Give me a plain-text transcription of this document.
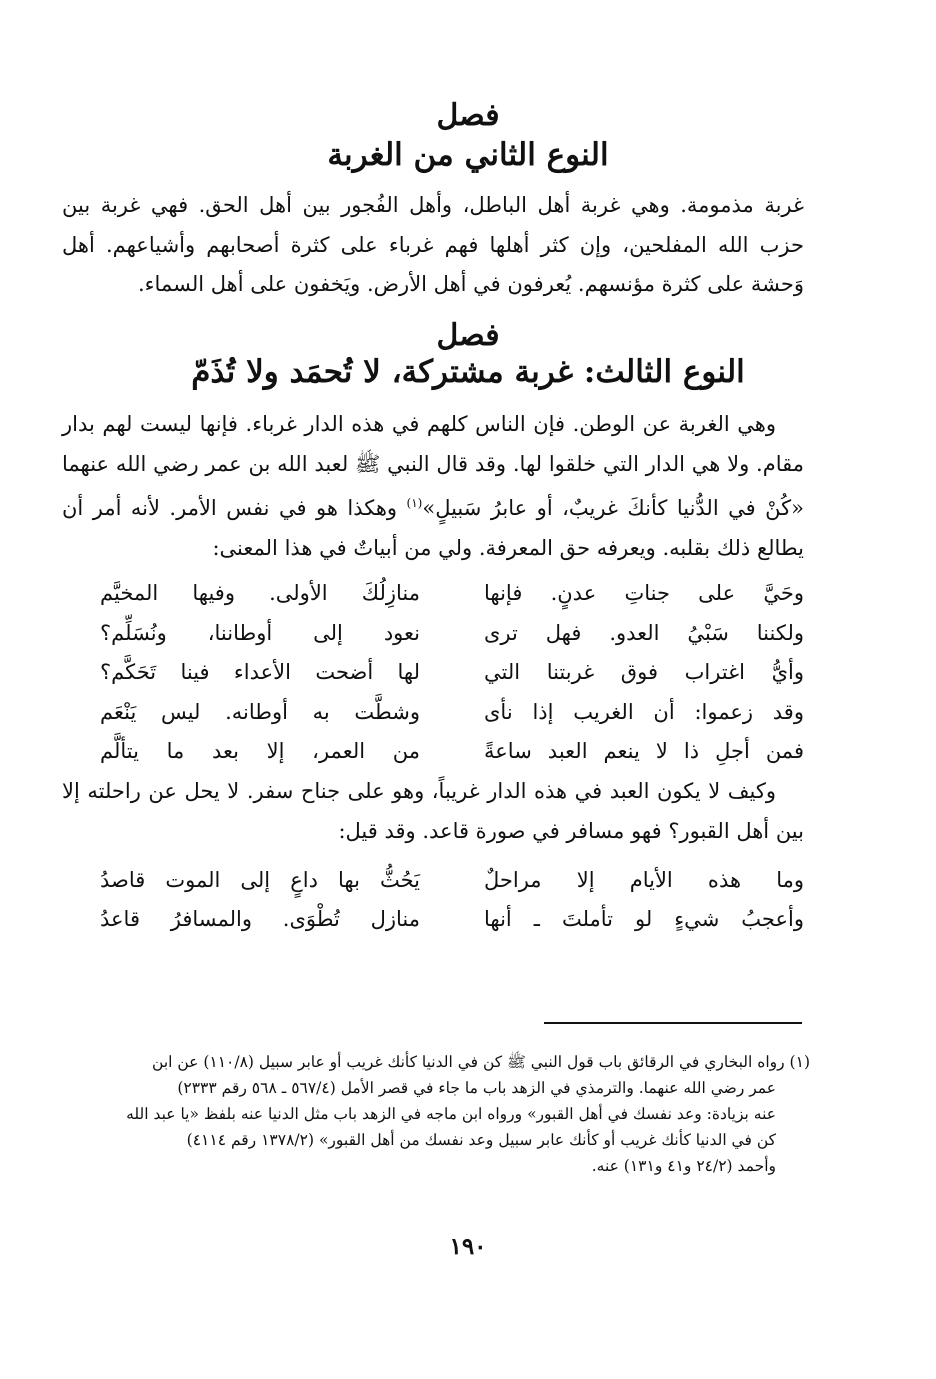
فصل
النوع الثاني من الغربة

غربة مذمومة. وهي غربة أهل الباطل، وأهل الفُجور بين أهل الحق. فهي غربة بين حزب الله المفلحين، وإن كثر أهلها فهم غرباء على كثرة أصحابهم وأشياعهم. أهل وَحشة على كثرة مؤنسهم. يُعرفون في أهل الأرض. ويَخفون على أهل السماء.

فصل
النوع الثالث: غربة مشتركة، لا تُحمَد ولا تُذَمّ

وهي الغربة عن الوطن. فإن الناس كلهم في هذه الدار غرباء. فإنها ليست لهم بدار مقام. ولا هي الدار التي خلقوا لها. وقد قال النبي ﷺ لعبد الله بن عمر رضي الله عنهما «كُنْ في الدُّنيا كأنكَ غريبٌ، أو عابرُ سَبيلٍ»$^{(١)}$ وهكذا هو في نفس الأمر. لأنه أمر أن يطالع ذلك بقلبه. ويعرفه حق المعرفة. ولي من أبياتٌ في هذا المعنى:

وحَيَّ على جناتِ عدنٍ. فإنها
منازِلُكَ الأولى. وفيها المخيَّم
ولكننا سَبْيُ العدو. فهل ترى
نعود إلى أوطاننا، ونُسَلِّم؟
وأيُّ اغتراب فوق غربتنا التي
لها أضحت الأعداء فينا تَحَكَّم؟
وقد زعموا: أن الغريب إذا نأى
وشطَّت به أوطانه. ليس يَنْعَم
فمن أجلِ ذا لا ينعم العبد ساعةً
من العمر، إلا بعد ما يتألَّم

وكيف لا يكون العبد في هذه الدار غريباً، وهو على جناح سفر. لا يحل عن راحلته إلا بين أهل القبور؟ فهو مسافر في صورة قاعد. وقد قيل:

وما هذه الأيام إلا مراحلٌ
يَحُثُّ بها داعٍ إلى الموت قاصدُ
وأعجبُ شيءٍ لو تأملتَ ـ أنها
منازل تُطْوَى. والمسافرُ قاعدُ
(١) رواه البخاري في الرقائق باب قول النبي ﷺ كن في الدنيا كأنك غريب أو عابر سبيل (١١٠/٨) عن ابن
عمر رضي الله عنهما. والترمذي في الزهد باب ما جاء في قصر الأمل (٥٦٧/٤ ـ ٥٦٨ رقم ٢٣٣٣)
عنه بزيادة: وعد نفسك في أهل القبور» ورواه ابن ماجه في الزهد باب مثل الدنيا عنه بلفظ «يا عبد الله
كن في الدنيا كأنك غريب أو كأنك عابر سبيل وعد نفسك من أهل القبور» (١٣٧٨/٢ رقم ٤١١٤)
وأحمد (٢٤/٢ و٤١ و١٣١) عنه.
١٩٠
